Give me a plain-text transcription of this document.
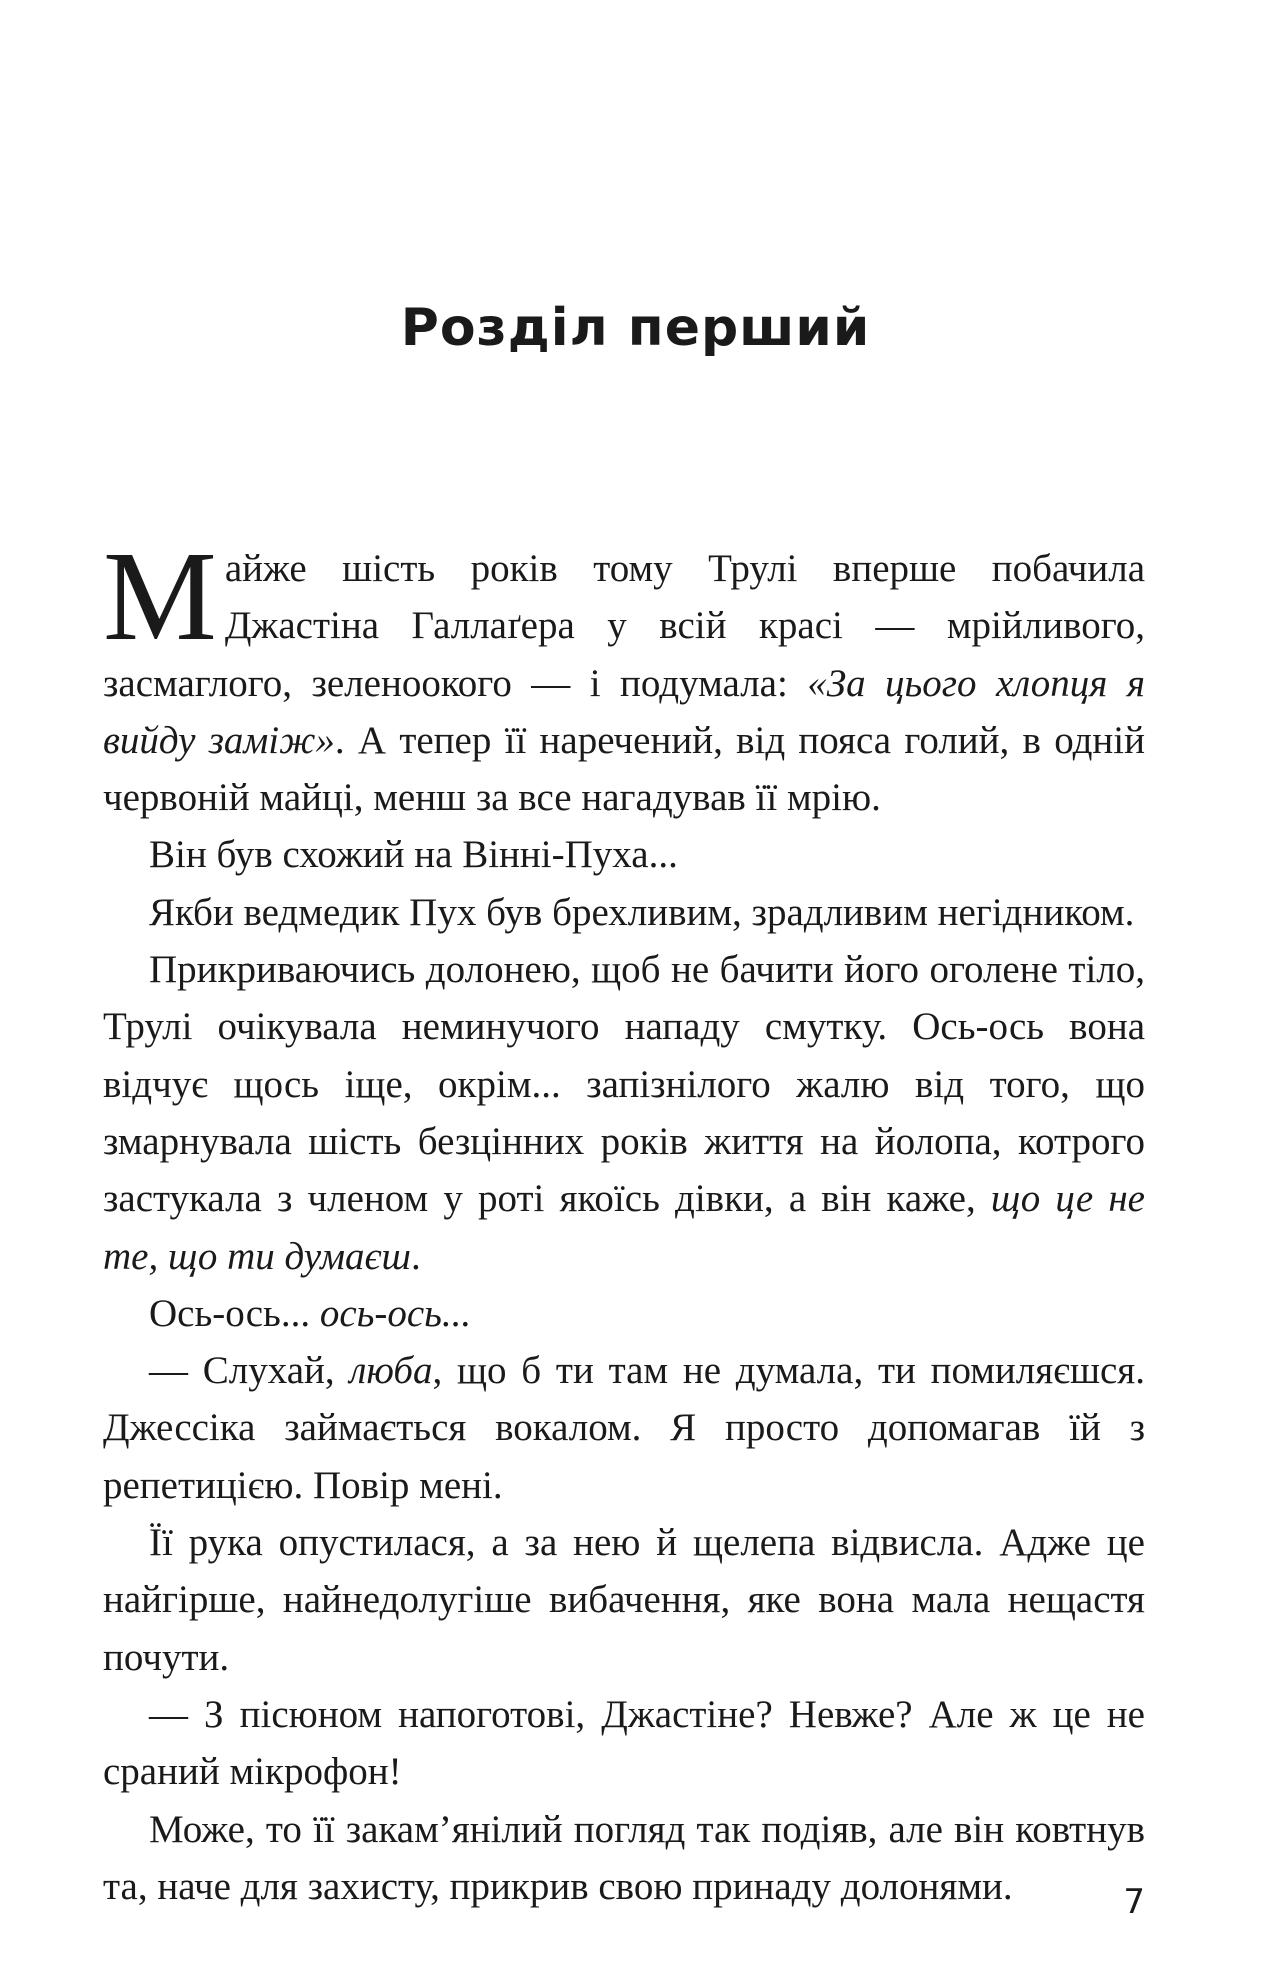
Розділ перший

Майже шість років тому Трулі вперше побачила Джастіна Галлаґера у всій красі — мрійливого, засмаглого, зеленоокого — і подумала: «За цього хлопця я вийду заміж». А тепер її наречений, від пояса голий, в одній червоній майці, менш за все нагадував її мрію.

Він був схожий на Вінні-Пуха...

Якби ведмедик Пух був брехливим, зрадливим негідником.

Прикриваючись долонею, щоб не бачити його оголене тіло, Трулі очікувала неминучого нападу смутку. Ось-ось вона відчує щось іще, окрім... запізнілого жалю від того, що змарнувала шість безцінних років життя на йолопа, котрого застукала з членом у роті якоїсь дівки, а він каже, що це не те, що ти думаєш.

Ось-ось... ось-ось...

— Слухай, люба, що б ти там не думала, ти помиляєшся. Джессіка займається вокалом. Я просто допомагав їй з репетицією. Повір мені.

Її рука опустилася, а за нею й щелепа відвисла. Адже це найгірше, найнедолугіше вибачення, яке вона мала нещастя почути.

— З пісюном напоготові, Джастіне? Невже? Але ж це не сраний мікрофон!

Може, то її закам’янілий погляд так подіяв, але він ковтнув та, наче для захисту, прикрив свою принаду долонями.	7
